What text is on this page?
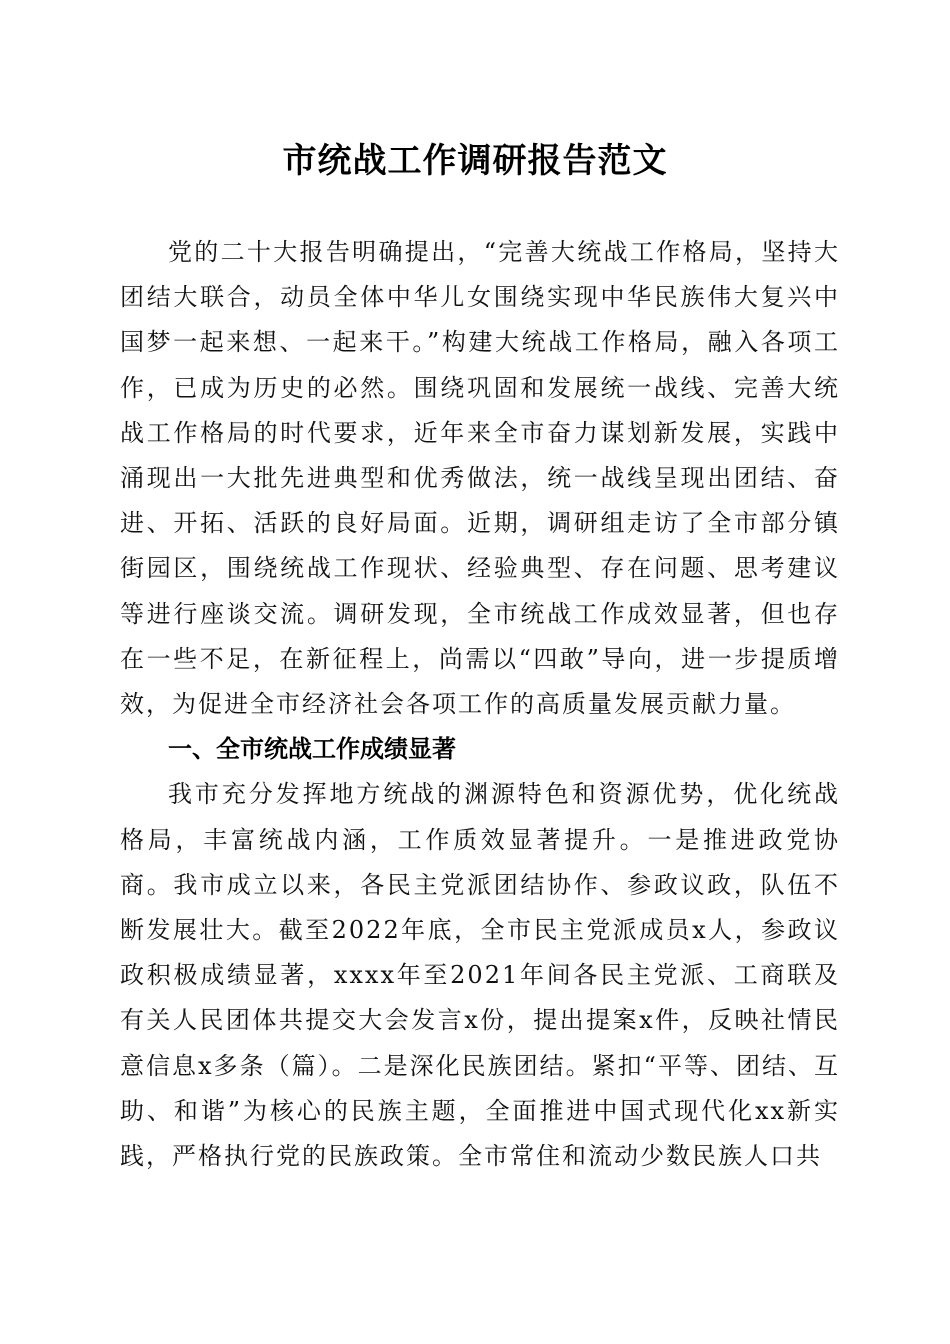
市统战工作调研报告范文

党的二十大报告明确提出，“完善大统战工作格局，坚持大团结大联合，动员全体中华儿女围绕实现中华民族伟大复兴中国梦一起来想、一起来干。”构建大统战工作格局，融入各项工作，已成为历史的必然。围绕巩固和发展统一战线、完善大统战工作格局的时代要求，近年来全市奋力谋划新发展，实践中涌现出一大批先进典型和优秀做法，统一战线呈现出团结、奋进、开拓、活跃的良好局面。近期，调研组走访了全市部分镇街园区，围绕统战工作现状、经验典型、存在问题、思考建议等进行座谈交流。调研发现，全市统战工作成效显著，但也存在一些不足，在新征程上，尚需以“四敢”导向，进一步提质增效，为促进全市经济社会各项工作的高质量发展贡献力量。

一、全市统战工作成绩显著

我市充分发挥地方统战的渊源特色和资源优势，优化统战格局，丰富统战内涵，工作质效显著提升。一是推进政党协商。我市成立以来，各民主党派团结协作、参政议政，队伍不断发展壮大。截至2022年底，全市民主党派成员x人，参政议政积极成绩显著，xxxx年至2021年间各民主党派、工商联及有关人民团体共提交大会发言x份，提出提案x件，反映社情民意信息x多条（篇）。二是深化民族团结。紧扣“平等、团结、互助、和谐”为核心的民族主题，全面推进中国式现代化xx新实践，严格执行党的民族政策。全市常住和流动少数民族人口共
